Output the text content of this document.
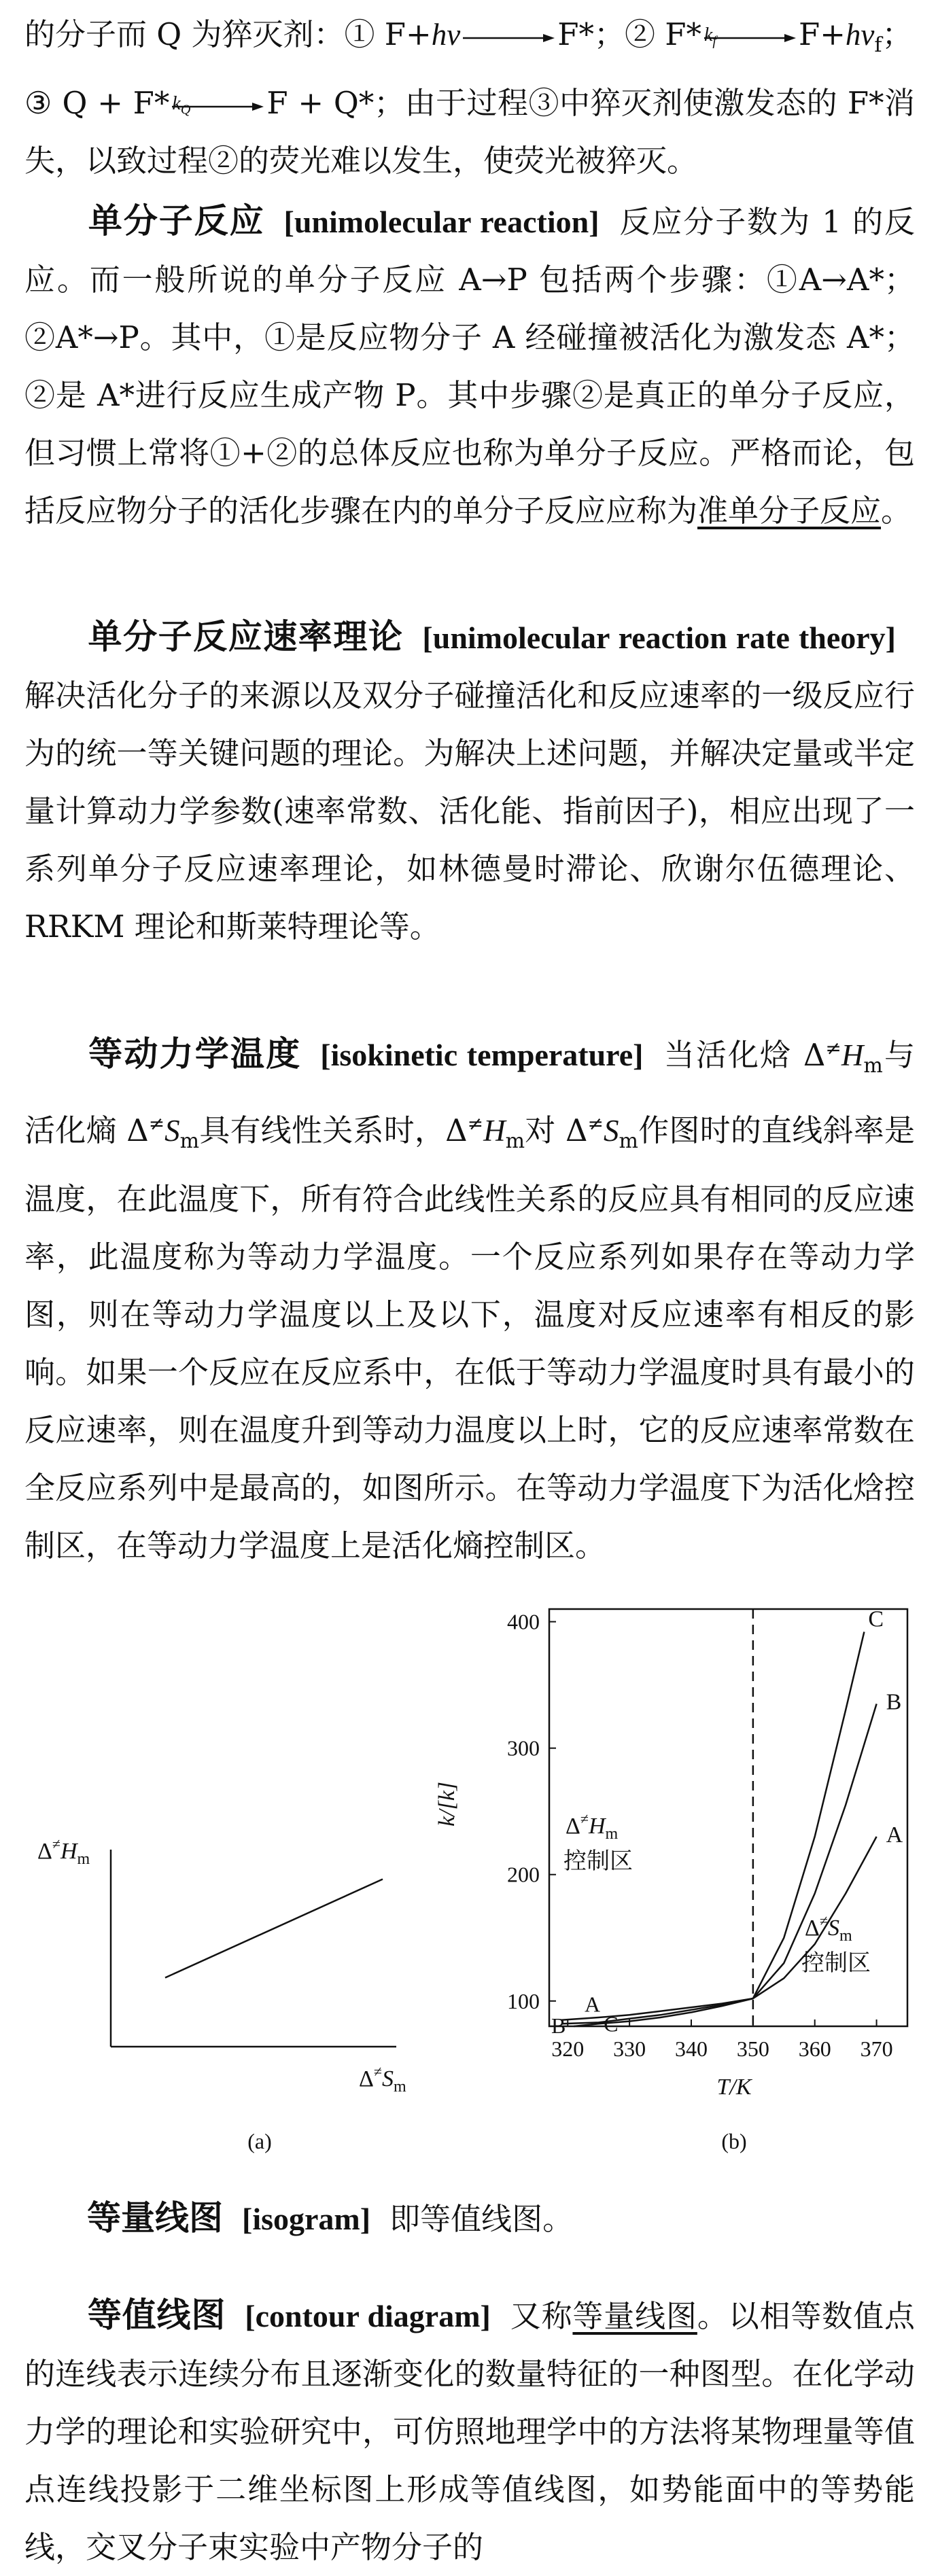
的分子而 Q 为猝灭剂：① F+hν → F*；② F* $k_f$	$F+h\nu_f$；
③ Q + F* $k_Q$	F + Q*；由于过程③中猝灭剂使激发态的 F*消失，以致过程②的荧光难以发生，使荧光被猝灭。
单分子反应 [unimolecular reaction] 反应分子数为 1 的反应。而一般所说的单分子反应 A→P 包括两个步骤：①A→A*；②A*→P。其中，①是反应物分子 A 经碰撞被活化为激发态 A*；②是 A*进行反应生成产物 P。其中步骤②是真正的单分子反应，但习惯上常将①+②的总体反应也称为单分子反应。严格而论，包括反应物分子的活化步骤在内的单分子反应应称为准单分子反应。
单分子反应速率理论 [unimolecular reaction rate theory]解决活化分子的来源以及双分子碰撞活化和反应速率的一级反应行为的统一等关键问题的理论。为解决上述问题，并解决定量或半定量计算动力学参数(速率常数、活化能、指前因子)，相应出现了一系列单分子反应速率理论，如林德曼时滞论、欣谢尔伍德理论、RRKM 理论和斯莱特理论等。
等动力学温度 [isokinetic temperature] 当活化焓 $\Delta^\ne H_m$与活化熵 $\Delta^\ne S_m$具有线性关系时，$\Delta^\ne H_m$对 $\Delta^\ne S_m$作图时的直线斜率是温度，在此温度下，所有符合此线性关系的反应具有相同的反应速率，此温度称为等动力学温度。一个反应系列如果存在等动力学图，则在等动力学温度以上及以下，温度对反应速率有相反的影响。如果一个反应在反应系中，在低于等动力学温度时具有最小的反应速率，则在温度升到等动力温度以上时，它的反应速率常数在全反应系列中是最高的，如图所示。在等动力学温度下为活化焓控制区，在等动力学温度上是活化熵控制区。
$\Delta^\ne H_m$
$\Delta^\ne S_m$
(a)
320 330 340 350 360 370
100
200
300
400
T/K
k/[k]
A
B
C
A
B C
$\Delta^\ne H_m$
控制区
$\Delta^\ne S_m$
控制区
(b)
等量线图 [isogram] 即等值线图。
等值线图 [contour diagram] 又称等量线图。以相等数值点的连线表示连续分布且逐渐变化的数量特征的一种图型。在化学动力学的理论和实验研究中，可仿照地理学中的方法将某物理量等值点连线投影于二维坐标图上形成等值线图，如势能面中的等势能线，交叉分子束实验中产物分子的
